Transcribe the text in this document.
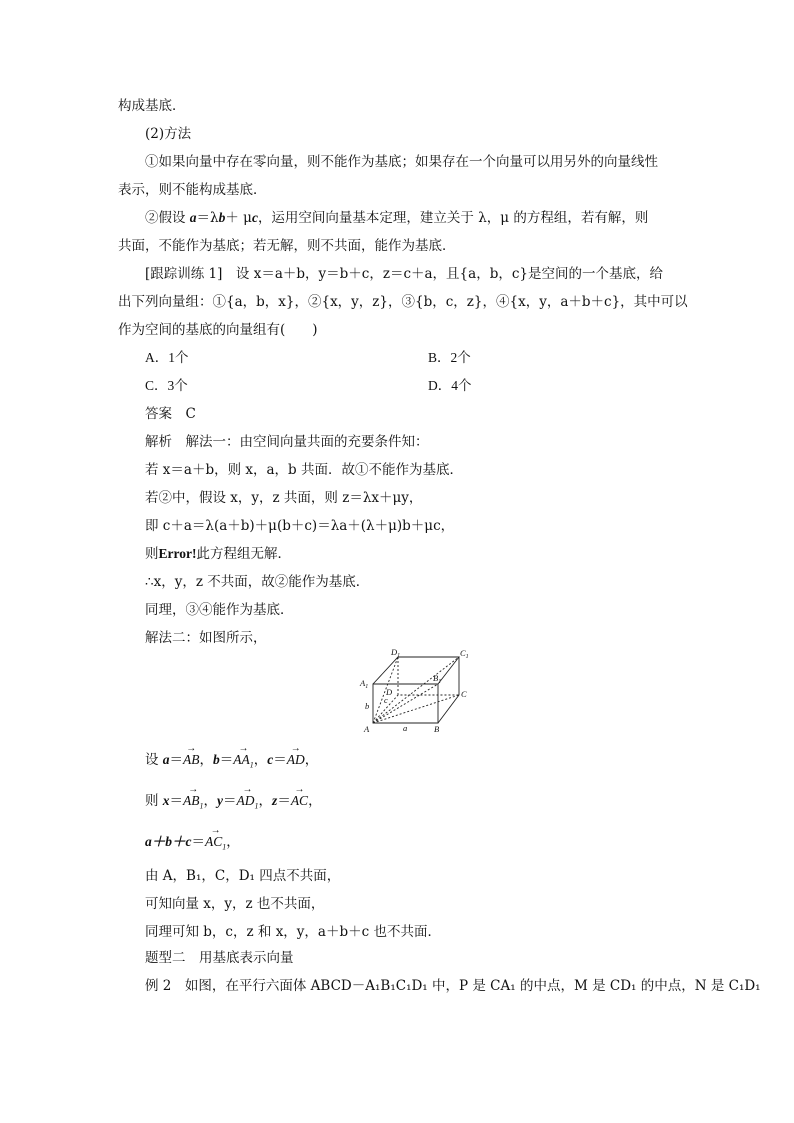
构成基底．
(2)方法
①如果向量中存在零向量，则不能作为基底；如果存在一个向量可以用另外的向量线性
表示，则不能构成基底．
②假设 a＝λb＋ μc，运用空间向量基本定理，建立关于 λ，μ 的方程组，若有解，则
共面，不能作为基底；若无解，则不共面，能作为基底．
[跟踪训练 1]　设 x＝a＋b，y＝b＋c，z＝c＋a，且{a，b，c}是空间的一个基底，给
出下列向量组：①{a，b，x}，②{x，y，z}，③{b，c，z}，④{x，y，a＋b＋c}，其中可以
作为空间的基底的向量组有(　　)
A．1个	B．2个
C．3个	D．4个
答案　C
解析　解法一：由空间向量共面的充要条件知：
若 x＝a＋b，则 x，a，b 共面．故①不能作为基底．
若②中，假设 x，y，z 共面，则 z＝λx＋μy，
即 c＋a＝λ(a＋b)＋μ(b＋c)＝λa＋(λ＋μ)b＋μc，
则Error!此方程组无解．
∴x，y，z 不共面，故②能作为基底．
同理，③④能作为基底．
解法二：如图所示，
$D_1$	$C_1$
$A_1$
$B_1$
D	C
A	B
a
b
c
设 a＝→ AB，$b=\to AA_1$，c＝→ AD，
则 $x=\to AB_1$，$y=\to AD_1$，z＝→ AC，
$a+b+c=\to AC_1$，
由 A，B₁，C，D₁ 四点不共面，
可知向量 x，y，z 也不共面，
同理可知 b，c，z 和 x，y，a＋b＋c 也不共面．
题型二　用基底表示向量
例 2　如图，在平行六面体 ABCD－A₁B₁C₁D₁ 中，P 是 CA₁ 的中点，M 是 CD₁ 的中点，N 是 C₁D₁
